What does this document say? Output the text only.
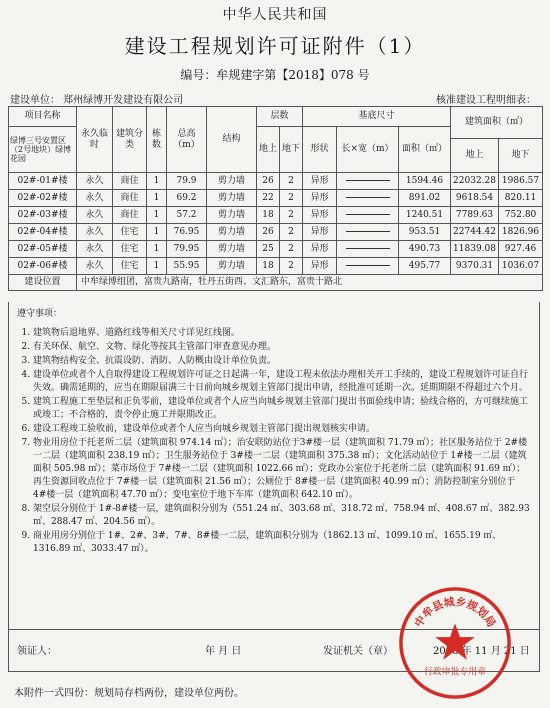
中华人民共和国
建设工程规划许可证附件（1）
编号：牟规建字第【2018】078 号
建设单位： 郑州绿博开发建设有限公司	核准建设工程明细表：
项目名称	永久临时	建筑分类	栋数	总高（m）	结构	层数		基底尺寸			建筑面积（㎡）	
绿博三号安置区（2号地块）绿博花园						地上	地下	形状	长×宽（m）	面积（㎡）		
											地上	地下
02#-01#楼	永久	商住	1	79.9	剪力墙	26	2	异形		1594.46	22032.28	1986.57
02#-02#楼	永久	商住	1	69.2	剪力墙	22	2	异形		891.02	9618.54	820.11
02#-03#楼	永久	商住	1	57.2	剪力墙	18	2	异形		1240.51	7789.63	752.80
02#-04#楼	永久	住宅	1	76.95	剪力墙	26	2	异形		953.51	22744.42	1826.96
02#-05#楼	永久	住宅	1	79.95	剪力墙	25	2	异形		490.73	11839.08	927.46
02#-06#楼	永久	住宅	1	55.95	剪力墙	18	2	异形		495.77	9370.31	1036.07
建设位置	中牟绿博组团，富贵九路南，牡丹五街西、文汇路东，富贵十路北											
遵守事项：
1. 建筑物后退地界、道路红线等相关尺寸详见红线图。
2. 有关环保、航空、文物、绿化等按其主管部门审查意见办理。
3. 建筑物结构安全、抗震设防、消防、人防概由设计单位负责。
4. 建设单位或者个人自取得建设工程规划许可证之日起满一年，建设工程未依法办理相关开工手续的，建设工程规划许可证自行失效。确需延期的，应当在期限届满三十日前向城乡规划主管部门提出申请，经批准可延期一次。延期期限不得超过六个月。
5. 建筑工程施工至垫层和正负零前，建设单位或者个人应当向城乡规划主管部门提出书面验线申请；验线合格的，方可继续施工或竣工；不合格的，责令停止施工并限期改正。
6. 建设工程竣工验收前，建设单位或者个人应当向城乡规划主管部门提出规划核实申请。
7. 物业用房位于托老所二层（建筑面积 974.14 ㎡）；治安联防站位于3#楼一层（建筑面积 71.79 ㎡）；社区服务站位于 2#楼一二层（建筑面积 238.19 ㎡）；卫生服务站位于 3#楼一二层（建筑面积 375.38 ㎡）；文化活动站位于 1#楼一二层（建筑面积 505.98 ㎡）；菜市场位于 7#楼一二层（建筑面积 1022.66 ㎡）；党政办公室位于托老所二层（建筑面积 91.69 ㎡）；再生资源回收点位于 7#楼一层（建筑面积 21.56 ㎡）；公厕位于 8#楼一层（建筑面积 40.99 ㎡）；消防控制室分别位于 4#楼一层（建筑面积 47.70 ㎡）；变电室位于地下车库（建筑面积 642.10 ㎡）。
8. 架空层分别位于 1#-8#楼一层，建筑面积分别为（551.24 ㎡、303.68 ㎡、318.72 ㎡、758.94 ㎡、408.67 ㎡、382.93 ㎡、288.47 ㎡、204.56 ㎡）。
9. 商业用房分别位于 1#、2#、3#、7#、8#楼一二层，建筑面积分别为（1862.13 ㎡、1099.10 ㎡、1655.19 ㎡、1316.89 ㎡、3033.47 ㎡）。
领证人：	年 月 日	发证机关（章）	2018 年 11 月 21 日
本附件一式四份：规划局存档两份，建设单位两份。
中牟县城乡规划局
行政审批专用章
